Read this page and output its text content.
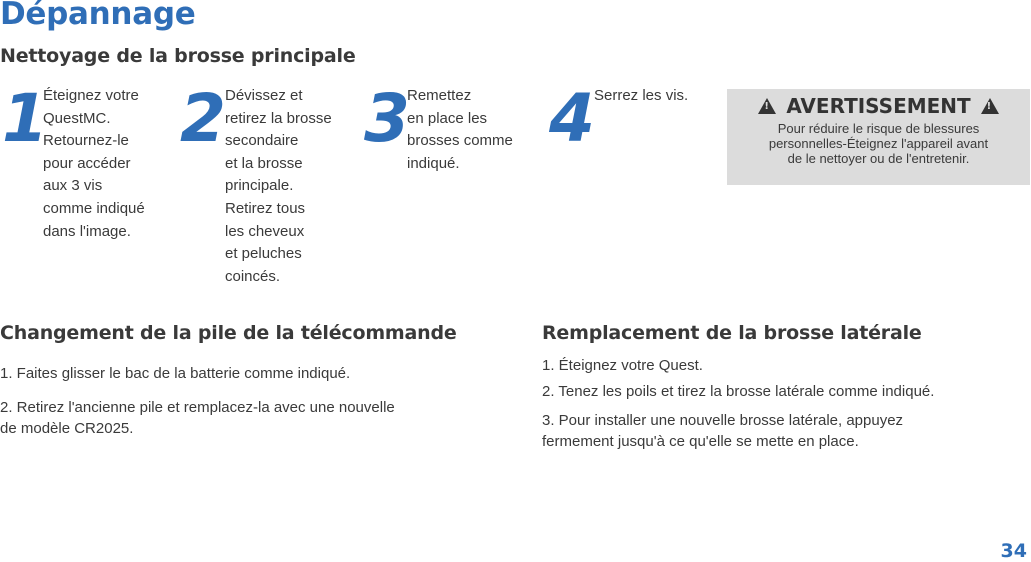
Dépannage
Nettoyage de la brosse principale
1
Éteignez votre
QuestMC.
Retournez-le
pour accéder
aux 3 vis
comme indiqué
dans l'image.
2 Dévissez et
retirez la brosse
secondaire
et la brosse
principale.
Retirez tous
les cheveux
et peluches
coincés.
3
Remettez
en place les
brosses comme
indiqué.
4 Serrez les vis.
!	AVERTISSEMENT !
Pour réduire le risque de blessures
personnelles-Éteignez l'appareil avant
de le nettoyer ou de l'entretenir.
Changement de la pile de la télécommande
1. Faites glisser le bac de la batterie comme indiqué.
2. Retirez l'ancienne pile et remplacez-la avec une nouvelle
de modèle CR2025.
Remplacement de la brosse latérale
1. Éteignez votre Quest.
2. Tenez les poils et tirez la brosse latérale comme indiqué.
3. Pour installer une nouvelle brosse latérale, appuyez
fermement jusqu'à ce qu'elle se mette en place.
34
